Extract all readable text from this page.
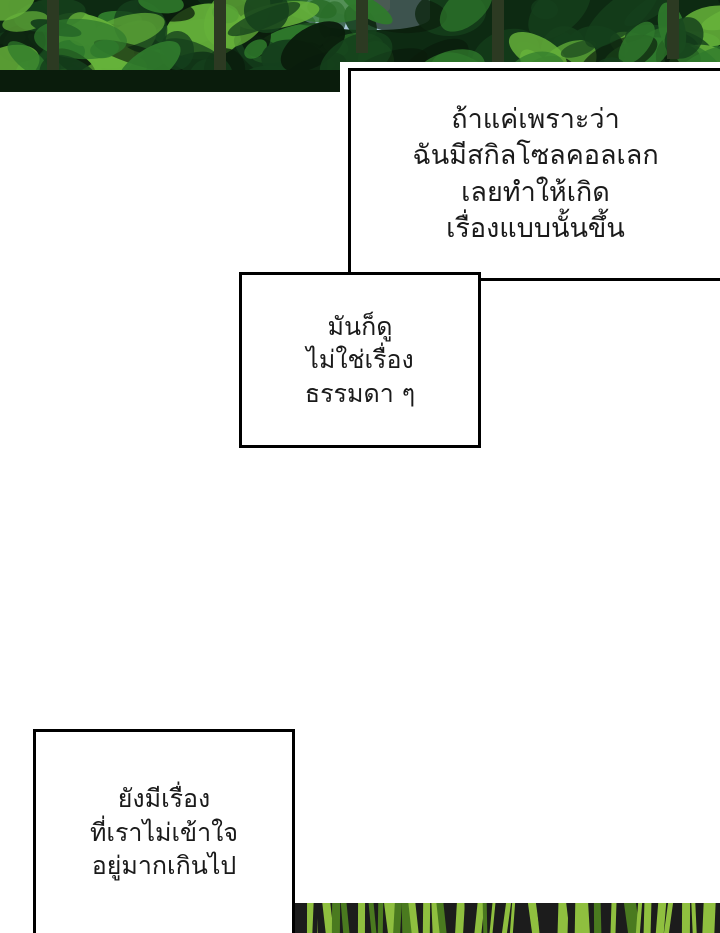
ถ้าแค่เพราะว่า
ฉันมีสกิลโซลคอลเลก
เลยทำให้เกิด
เรื่องแบบนั้นขึ้น
มันก็ดู
ไม่ใช่เรื่อง
ธรรมดา ๆ
ยังมีเรื่อง
ที่เราไม่เข้าใจ
อยู่มากเกินไป
